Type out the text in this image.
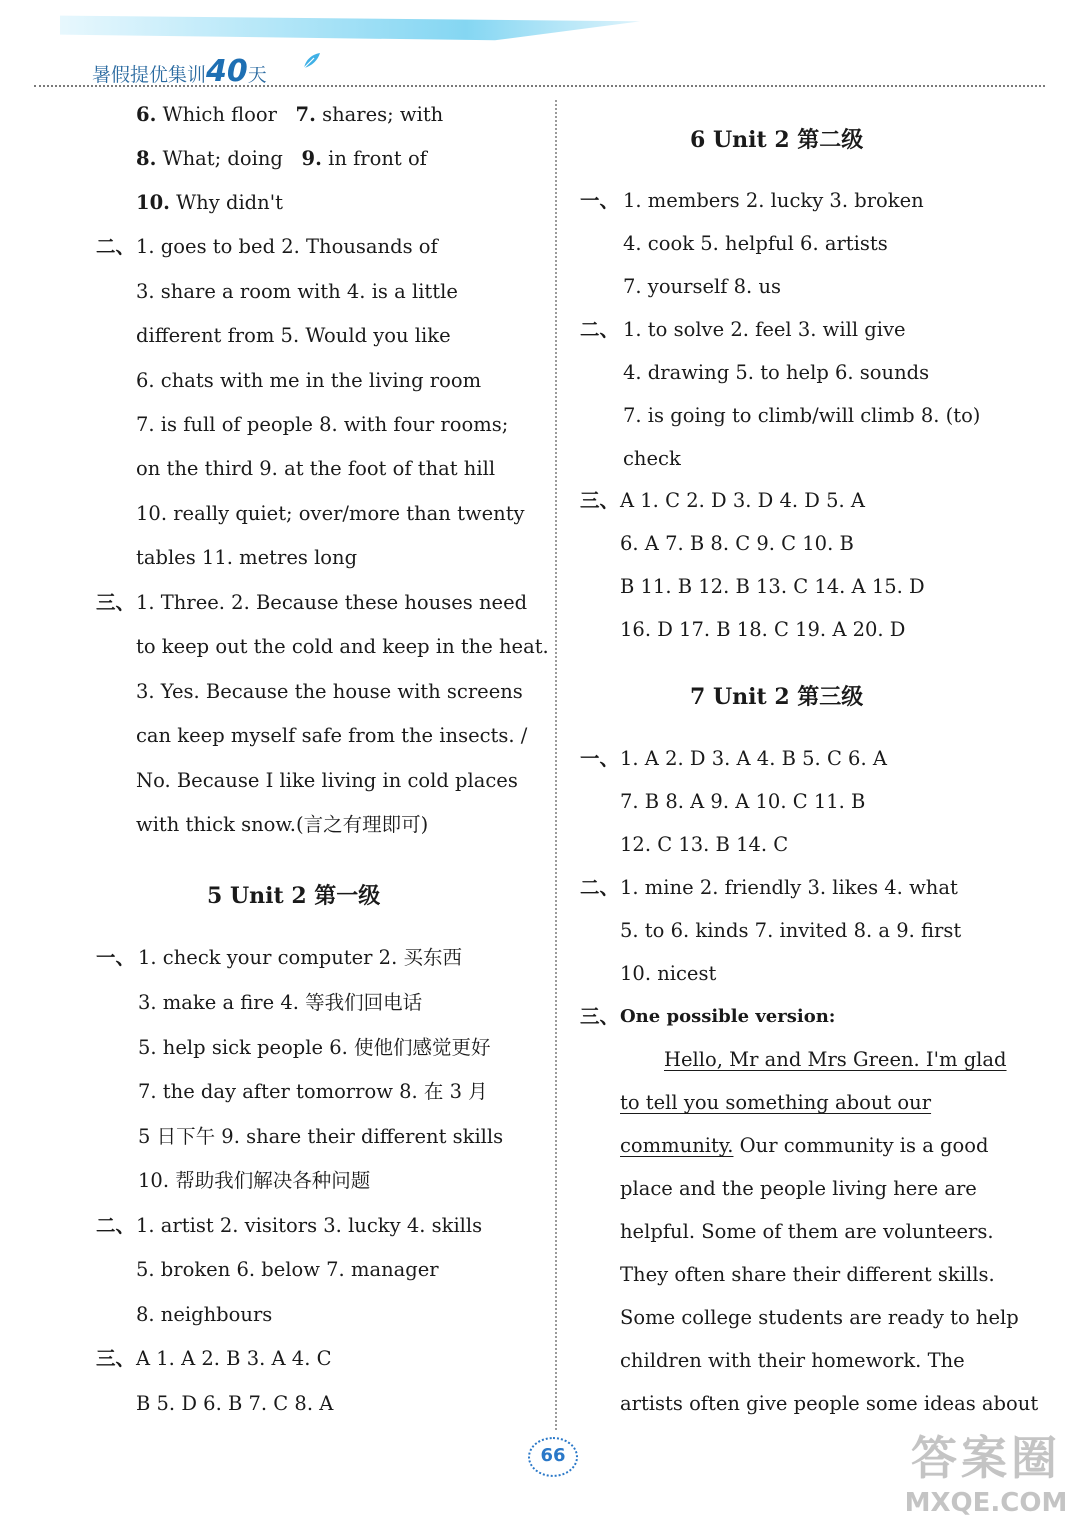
暑假提优集训40天
6. Which floor 7. shares; with
8. What; doing 9. in front of
10. Why didn't
二、 1. goes to bed 2. Thousands of
3. share a room with 4. is a little
different from 5. Would you like
6. chats with me in the living room
7. is full of people 8. with four rooms;
on the third 9. at the foot of that hill
10. really quiet; over/more than twenty
tables 11. metres long
三、 1. Three. 2. Because these houses need
to keep out the cold and keep in the heat.
3. Yes. Because the house with screens
can keep myself safe from the insects. /
No. Because I like living in cold places
with thick snow.(言之有理即可)
5 Unit 2 第一级
一、 1. check your computer 2. 买东西
3. make a fire 4. 等我们回电话
5. help sick people 6. 使他们感觉更好
7. the day after tomorrow 8. 在 3 月
5 日下午 9. share their different skills
10. 帮助我们解决各种问题
二、 1. artist 2. visitors 3. lucky 4. skills
5. broken 6. below 7. manager
8. neighbours
三、 A 1. A 2. B 3. A 4. C
B 5. D 6. B 7. C 8. A
6 Unit 2 第二级
一、 1. members 2. lucky 3. broken
4. cook 5. helpful 6. artists
7. yourself 8. us
二、 1. to solve 2. feel 3. will give
4. drawing 5. to help 6. sounds
7. is going to climb/will climb 8. (to)
check
三、 A 1. C 2. D 3. D 4. D 5. A
6. A 7. B 8. C 9. C 10. B
B 11. B 12. B 13. C 14. A 15. D
16. D 17. B 18. C 19. A 20. D
7 Unit 2 第三级
一、 1. A 2. D 3. A 4. B 5. C 6. A
7. B 8. A 9. A 10. C 11. B
12. C 13. B 14. C
二、 1. mine 2. friendly 3. likes 4. what
5. to 6. kinds 7. invited 8. a 9. first
10. nicest
三、 One possible version:
Hello, Mr and Mrs Green. I'm glad
to tell you something about our
community. Our community is a good
place and the people living here are
helpful. Some of them are volunteers.
They often share their different skills.
Some college students are ready to help
children with their homework. The
artists often give people some ideas about
66	答案圈
MXQE.COM
